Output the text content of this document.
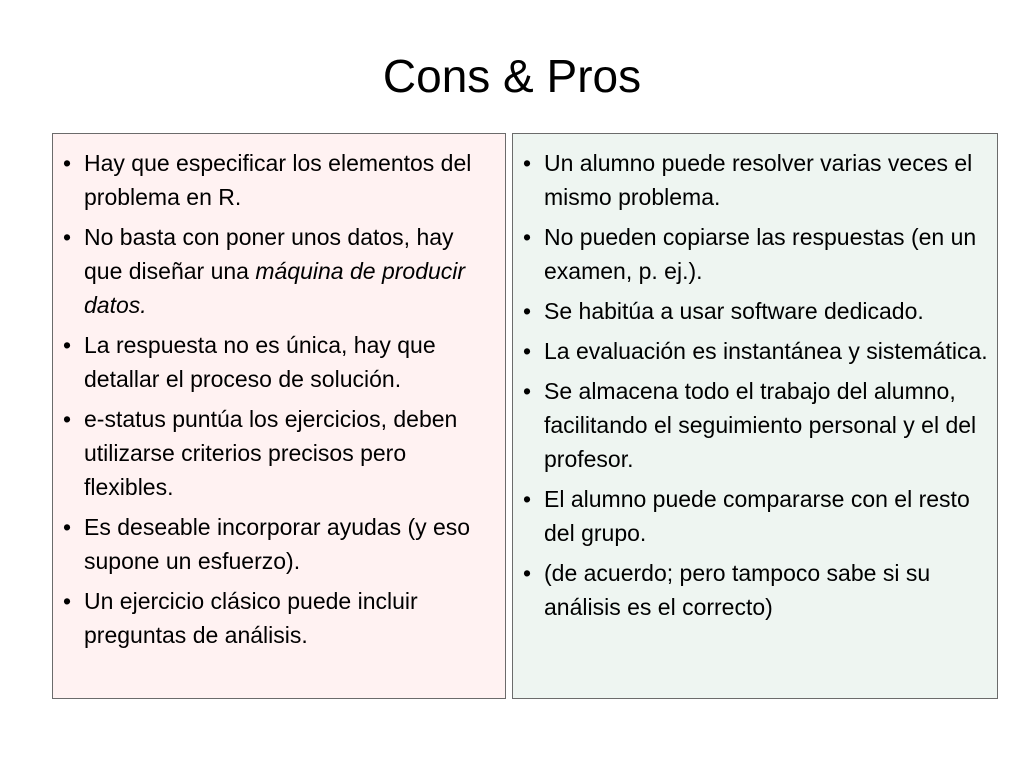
Cons & Pros
• Hay que especificar los elementos del problema en R.
• No basta con poner unos datos, hay que diseñar una máquina de producir datos.
• La respuesta no es única, hay que detallar el proceso de solución.
• e-status puntúa los ejercicios, deben utilizarse criterios precisos pero flexibles.
• Es deseable incorporar ayudas (y eso supone un esfuerzo).
• Un ejercicio clásico puede incluir preguntas de análisis.
• Un alumno puede resolver varias veces el mismo problema.
• No pueden copiarse las respuestas (en un examen, p. ej.).
• Se habitúa a usar software dedicado.
• La evaluación es instantánea y sistemática.
• Se almacena todo el trabajo del alumno, facilitando el seguimiento personal y el del profesor.
• El alumno puede compararse con el resto del grupo.
• (de acuerdo; pero tampoco sabe si su análisis es el correcto)
